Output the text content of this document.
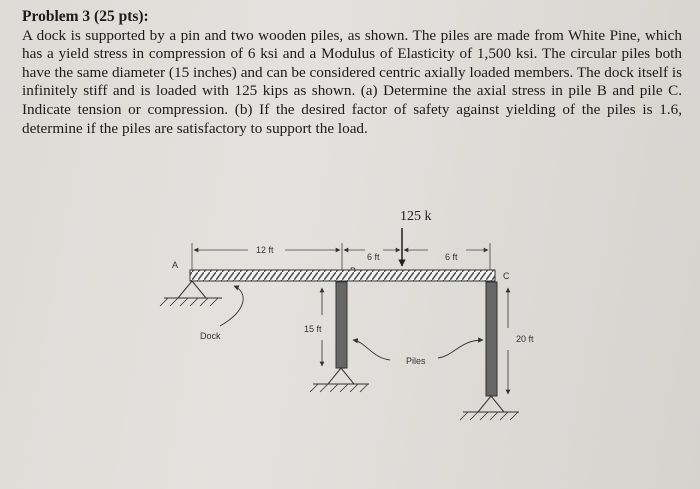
Problem 3 (25 pts):
A dock is supported by a pin and two wooden piles, as shown. The piles are made from White Pine, which has a yield stress in compression of 6 ksi and a Modulus of Elasticity of 1,500 ksi. The circular piles both have the same diameter (15 inches) and can be considered centric axially loaded members. The dock itself is infinitely stiff and is loaded with 125 kips as shown. (a) Determine the axial stress in pile B and pile C. Indicate tension or compression. (b) If the desired factor of safety against yielding of the piles is 1.6, determine if the piles are satisfactory to support the load.

12 ft
6 ft	6 ft
125 k
A
C
Dock
15 ft
20 ft
Piles
